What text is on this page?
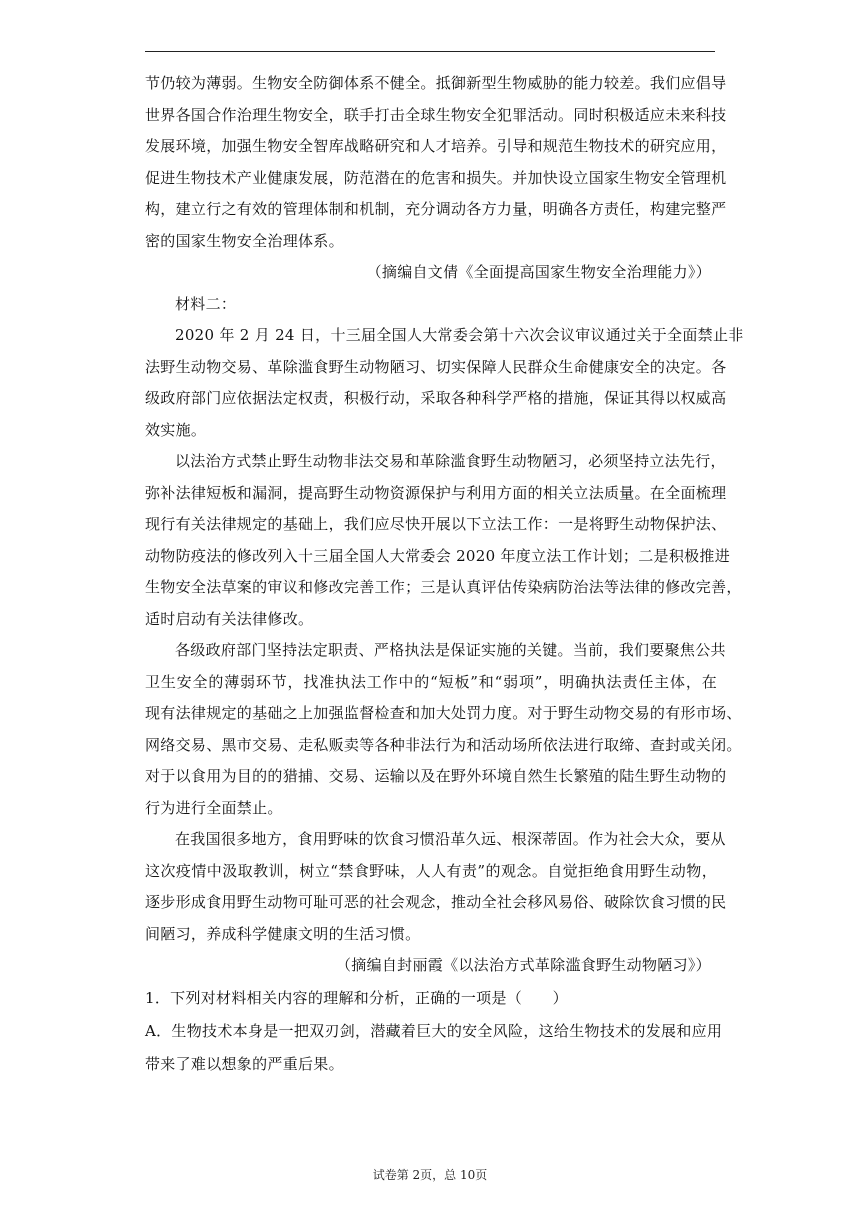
节仍较为薄弱。生物安全防御体系不健全。抵御新型生物威胁的能力较差。我们应倡导
世界各国合作治理生物安全，联手打击全球生物安全犯罪活动。同时积极适应未来科技
发展环境，加强生物安全智库战略研究和人才培养。引导和规范生物技术的研究应用，
促进生物技术产业健康发展，防范潜在的危害和损失。并加快设立国家生物安全管理机
构，建立行之有效的管理体制和机制，充分调动各方力量，明确各方责任，构建完整严
密的国家生物安全治理体系。
（摘编自文倩《全面提高国家生物安全治理能力》）
材料二：
2020 年 2 月 24 日，十三届全国人大常委会第十六次会议审议通过关于全面禁止非
法野生动物交易、革除滥食野生动物陋习、切实保障人民群众生命健康安全的决定。各
级政府部门应依据法定权责，积极行动，采取各种科学严格的措施，保证其得以权威高
效实施。
以法治方式禁止野生动物非法交易和革除滥食野生动物陋习，必须坚持立法先行，
弥补法律短板和漏洞，提高野生动物资源保护与利用方面的相关立法质量。在全面梳理
现行有关法律规定的基础上，我们应尽快开展以下立法工作：一是将野生动物保护法、
动物防疫法的修改列入十三届全国人大常委会 2020 年度立法工作计划；二是积极推进
生物安全法草案的审议和修改完善工作；三是认真评估传染病防治法等法律的修改完善，
适时启动有关法律修改。
各级政府部门坚持法定职责、严格执法是保证实施的关键。当前，我们要聚焦公共
卫生安全的薄弱环节，找准执法工作中的“短板”和“弱项”，明确执法责任主体，在
现有法律规定的基础之上加强监督检查和加大处罚力度。对于野生动物交易的有形市场、
网络交易、黑市交易、走私贩卖等各种非法行为和活动场所依法进行取缔、查封或关闭。
对于以食用为目的的猎捕、交易、运输以及在野外环境自然生长繁殖的陆生野生动物的
行为进行全面禁止。
在我国很多地方，食用野味的饮食习惯沿革久远、根深蒂固。作为社会大众，要从
这次疫情中汲取教训，树立“禁食野味，人人有责”的观念。自觉拒绝食用野生动物，
逐步形成食用野生动物可耻可恶的社会观念，推动全社会移风易俗、破除饮食习惯的民
间陋习，养成科学健康文明的生活习惯。
（摘编自封丽霞《以法治方式革除滥食野生动物陋习》）
1．下列对材料相关内容的理解和分析，正确的一项是（　　）
A．生物技术本身是一把双刃剑，潜藏着巨大的安全风险，这给生物技术的发展和应用
带来了难以想象的严重后果。
试卷第 2页，总 10页
